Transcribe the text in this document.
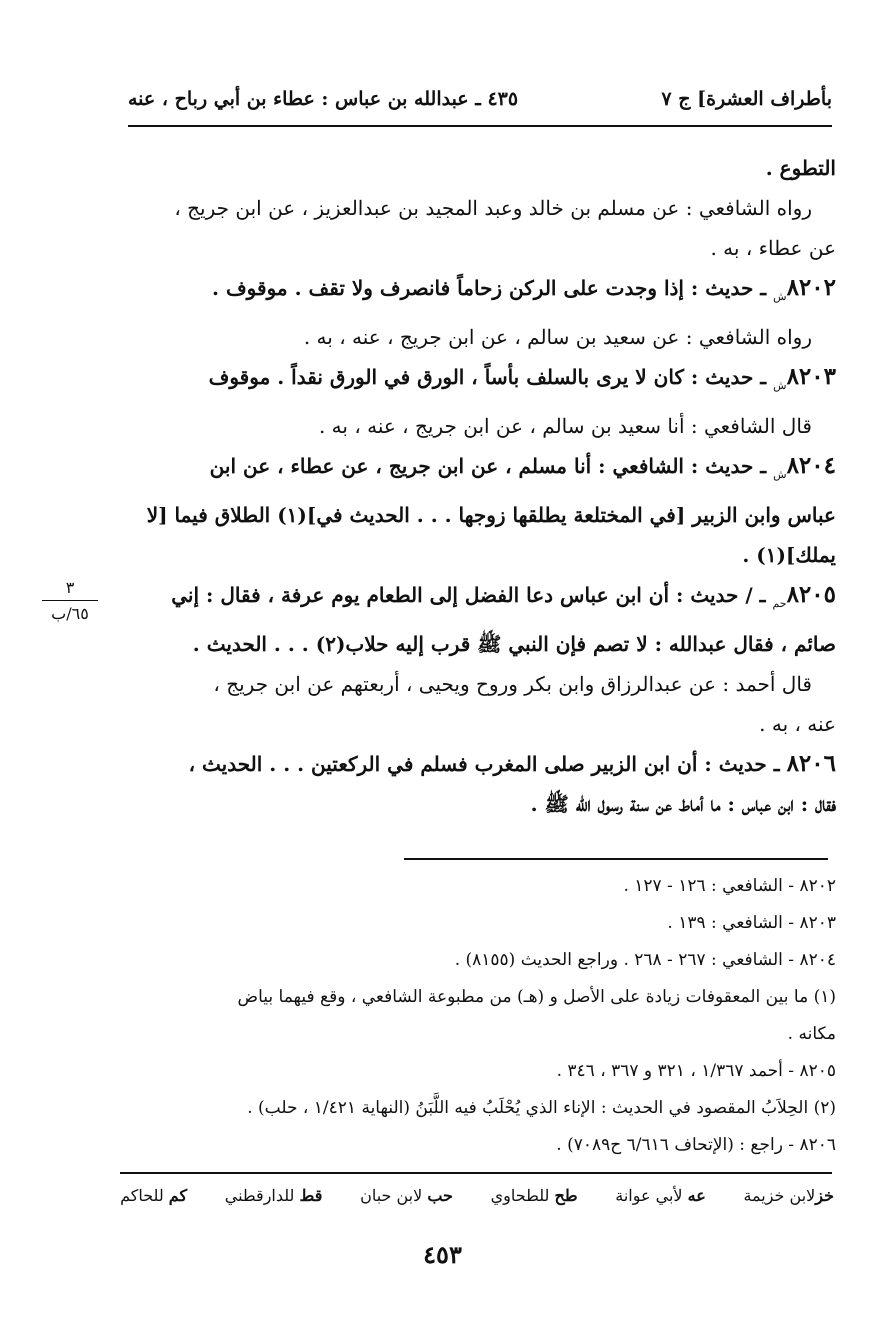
بأطراف العشرة] ج ٧
٤٣٥ ـ عبدالله بن عباس : عطاء بن أبي رباح ، عنه
التطوع .
رواه الشافعي : عن مسلم بن خالد وعبد المجيد بن عبدالعزيز ، عن ابن جريج ،
عن عطاء ، به .
$٨٢٠٢_ش$ ـ حديث : إذا وجدت على الركن زحاماً فانصرف ولا تقف . موقوف .
رواه الشافعي : عن سعيد بن سالم ، عن ابن جريج ، عنه ، به .
$٨٢٠٣_ش$ ـ حديث : كان لا يرى بالسلف بأساً ، الورق في الورق نقداً . موقوف
قال الشافعي : أنا سعيد بن سالم ، عن ابن جريج ، عنه ، به .
$٨٢٠٤_ش$ ـ حديث : الشافعي : أنا مسلم ، عن ابن جريج ، عن عطاء ، عن ابن
عباس وابن الزبير [في المختلعة يطلقها زوجها . . . الحديث في](١) الطلاق فيما [لا
يملك](١) .
$٨٢٠٥_{حم}$ ـ / حديث : أن ابن عباس دعا الفضل إلى الطعام يوم عرفة ، فقال : إني
صائم ، فقال عبدالله : لا تصم فإن النبي ﷺ قرب إليه حلاب(٢) . . . الحديث .
قال أحمد : عن عبدالرزاق وابن بكر وروح ويحيى ، أربعتهم عن ابن جريج ،
عنه ، به .
٨٢٠٦ ـ حديث : أن ابن الزبير صلى المغرب فسلم في الركعتين . . . الحديث ،
فقال : ابن عباس : ما أماط عن سنة رسول الله ﷺ .
٣
٦٥/ب
٨٢٠٢ - الشافعي : ١٢٦ - ١٢٧ .
٨٢٠٣ - الشافعي : ١٣٩ .
٨٢٠٤ - الشافعي : ٢٦٧ - ٢٦٨ . وراجع الحديث (٨١٥٥) .
(١) ما بين المعقوفات زيادة على الأصل و (هـ) من مطبوعة الشافعي ، وقع فيهما بياض
مكانه .
٨٢٠٥ - أحمد ١/٣٦٧ ، ٣٢١ و ٣٦٧ ، ٣٤٦ .
(٢) الحِلاَبُ المقصود في الحديث : الإناء الذي يُحْلَبُ فيه اللَّبَنُ (النهاية ١/٤٢١ ، حلب) .
٨٢٠٦ - راجع : (الإتحاف ٦/٦١٦ ح٧٠٨٩) .
خزلابن خزيمة
عه لأبي عوانة
طح للطحاوي
حب لابن حبان
قط للدارقطني
كم للحاكم
٤٥٣
